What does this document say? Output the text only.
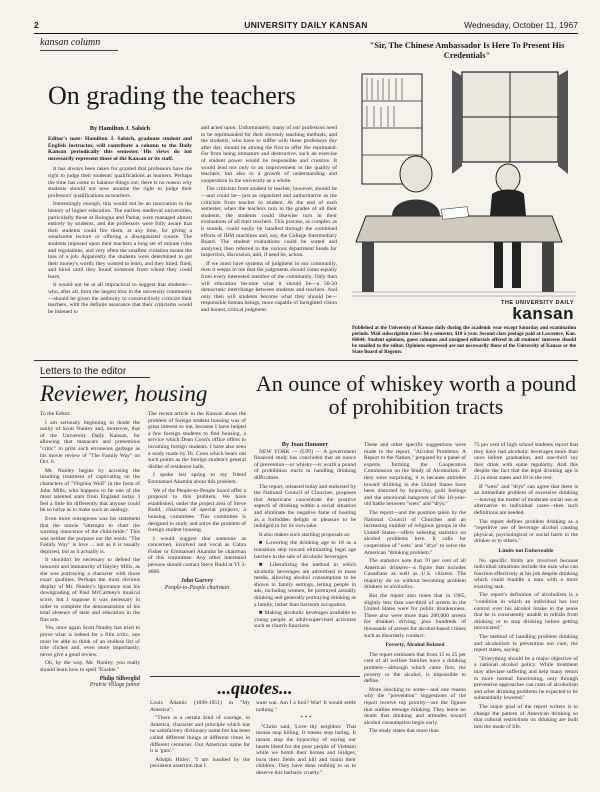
2	UNIVERSITY DAILY KANSAN	Wednesday, October 11, 1967
kansan column
On grading the teachers
By Hamilton J. Salsich
Editor's note: Hamilton J. Salsich, graduate student and English instructor, will contribute a column to the Daily Kansan periodically this semester. His views do not necessarily represent those of the Kansan or its staff.

It has always been taken for granted that professors have the right to judge their students' qualifications as learners. Perhaps the time has come to balance things out; there is no reason why students should not now assume the right to judge their professors' qualifications as teachers.

Interestingly enough, this would not be an innovation in the history of higher education. The earliest medieval universities, particularly those at Bologna and Padua, were managed almost entirely by students, and the professors were fully aware that their students could fire them, at any time, for giving a wearisome lecture or offering a disorganized course. The students imposed upon their teachers a long set of minute rules and regulations, and very often the smallest violation meant the loss of a job. Apparently the students were determined to get their money's worth; they wanted to learn, and they hired, fired, and hired until they found someone from whom they could learn.

It would not be at all impractical to suggest that students—who, after all, form the largest bloc in the university community—should be given the authority to constructively criticize their teachers, with the definite assurance that their criticisms would be listened to

and acted upon. Unfortunately, many of our professors need to be reprimanded for their slovenly teaching methods, and the students, who have to suffer with these professors day after day, should be among the first to offer the reprimand. Far from being immature and destructive, such an exercise of student power would be responsible and creative. It would lead not only to an improvement in the quality of teachers, but also to a growth of understanding and cooperation in the university as a whole.

The criticism from student to teacher, however, should be—and could be—just as organized and authoritative as the criticism from teacher to student. At the end of each semester, when the teachers turn in the grades of all their students, the students could likewise turn in their evaluations of all their teachers. This process, as complex as it sounds, could easily be handled through the combined efforts of IBM machines and, say, the College Intermediary Board. The student evaluations could be sorted and analyzed, then referred to the various department heads for inspection, discussion, and, if need be, action.

If we must have systems of judgment in our community, then it seems to me that the judgments should come equally from every interested member of the community. Only then will education become what it should be—a 50-50 democratic interchange between students and teachers. And only then will students become what they should be—responsible human beings, more capable of farsighted vision and honest, critical judgment.

"Sir, The Chinese Ambassador Is Here To Present His Credentials"
THE UNIVERSITY DAILY
kansan
Published at the University of Kansas daily during the academic year except Saturday and examination periods. Mail subscription rates: $4 a semester, $10 a year. Second class postage paid at Lawrence, Kan. 66044. Student opinions, guest columns and unsigned editorials offered in all students' interests should be emailed to the editor. Opinions expressed are not necessarily those of the University of Kansas or the State Board of Regents.
Letters to the editor
Reviewer, housing

To the Editor:

I am seriously beginning to doubt the sanity of Scott Nunley and, moreover, that of the University Daily Kansan, for allowing that manacars and pretentious "critic" to print such erroneous garbage as his movie review of "The Family Way" on Oct. 6.

Mr. Nunley begins by accusing the insulting treatment of captivating on the characters of "Virginia Wolf" in the form of John Mills, who happens to be one of the most talented stars from England today. I feel a little bit differently that anyone could be so naive as to make such an analogy.

Even more outrageous was his statement that the movie "attempts to chart the warning innocence of the child-bride." This was neither the purpose nor the result. "The Family Way" is love ... not as it is usually depicted, but as it actually is.

It shouldn't be necessary to defend the innocent and immaturity of Hayley Mills, as she was portraying a character with those exact qualities. Perhaps the most obvious display of Mr. Nunley's ignorance was his downgrading of Paul McCartney's musical score, but I suppose it was necessary in order to complete the demonstration of his total absence of taste and education in the fine arts.

Yes, once again Scott Nunley has tried to prove what is indeed for a film critic, one must be able to think of an endless list of trite cliches and, even more importantly, never give a good review.

Oh, by the way, Mr. Nunley, you really should learn how to spell "Enable."

Philip Silberglid
Prairie Village junior

The recent article in the Kansan about the problem of foreign student housing was of great interest to me, because I have helped a few foreign students to find housing, a service which Dean Coon's office offers to incoming foreign students. I have also seen a study made by Dr. Coon which bears out such points as the foreign student's general dislike of residence halls.

I spoke last spring to my friend Emmanuel Akamba about this problem.

We of the People-to-People board offer a proposal to this problem. We have established, under the project area of Steve Budd, chairman of special projects, a housing committee. This committee is designed to study and solve the problem of foreign student housing.

I would suggest that someone as concerned, involved and vocal as Cabra Fisher or Emmanuel Akamba be chairman of this committee. Any other interested persons should contact Steve Budd at VI 3-4866.

John Garvey
People-to-People chairman
An ounce of whiskey worth a pound of prohibition tracts
By Joan Hanauer

NEW YORK — (UPI) — A government financed study has concluded that an ounce of prevention—or whisky—is worth a pound of prohibition tracts in handling drinking difficulties.

The report, released today and endorsed by the National Council of Churches, proposes that Americans concentrate the positive aspects of drinking within a social situation and eliminate the negative fame of booting as a forbidden delight or pleasure to be indulged in for its own sake.

It also makes such startling proposals as:

■ Lowering the drinking age to 18 as a transition step toward eliminating legal age barriers in the sale of alcoholic beverages.

■ Liberalizing the method in which alcoholic beverages are advertised in mass media, allowing alcohol consumption to be shown in family settings, letting people in ads, including women, be portrayed actually drinking and generally portraying drinking as a family, rather than barroom occupation.

■ Making alcoholic beverages available to young people at adult-supervised activities such as church functions.

These and other specific suggestions were made in the report, "Alcohol Problems: A Report to the Nation," prepared by a panel of experts forming the Cooperative Commission on the Study of Alcoholism. If they were surprising, it is because attitudes toward drinking in the United States have been distorted by hypocrisy, guilt feelings and the emotional hangover of the 18-year-old battle between "wets" and "drys."

The report—and the position taken by the National Council of Churches and an increasing number of religious groups in the United States—offers sobering statistics on alcohol problems here. It calls for cooperation of "wets" and "drys" to solve the American "drinking problem."

The statistics note that 70 per cent of all American drinkers—a figure that includes Canadians as well as U.S. citizens. The majority do so without becoming problem drinkers or alcoholics.

But the report also notes that in 1965, slightly less than one-third of arrests in the United States were for public drunkenness. There also were more than 200,000 arrests for drunken driving, plus hundreds of thousands of arrests for alcohol-based crimes such as disorderly conduct.

Poverty, Alcohol Related

The report estimates that from 15 to 25 per cent of all welfare families have a drinking problem—although which came first, the poverty or the alcohol, is impossible to define.

More shocking to some—and one reason why the "prevention" suggestions of the report receive top priority—are the figures that outline teenage drinking. They leave no doubt that drinking and attitudes toward alcohol consumption begin early.

The study states that more than

75 per cent of high school students report that they have had alcoholic beverages more than once before graduation, and one-third say they drink with some regularity. And this despite the fact that the legal drinking age is 21 in most states and 18 in the rest.

If "wets" and "drys" can agree that there is an immediate problem of excessive drinking—leaving the matter of moderate social use as alternative to individual cases—then such definitions are needed.

The report defines problem drinking as a "repetitive use of beverage alcohol causing physical, psychological or social harm to the drinker or to others."

Limits not Enforceable

No specific limits are involved because individual situations include the man who can function effectively at his job despite drinking which could muddle a man with a more exacting task.

The report's definition of alcoholism is a "condition in which an individual has lost control over his alcohol intake in the sense that he is consistently unable to refrain from drinking or to stop drinking before getting intoxicated."

The method of handling problem drinking and alcoholism is prevention not cure, the report states, saying:

"Everything should be a major objective of a national alcohol policy. While treatment may alleviate suffering and help many return to more normal functioning, only through preventive approaches can rates of alcoholism and other drinking problems be expected to be substantially lowered."

The major goal of the report writers is to change the pattern of American drinking so that cultural restrictions on drinking are built into the mode of life.

...quotes...

Louis Adamic (1899-1951) in "My America":

"There is a certain kind of courage, in America, character and principle which has no satisfactory dictionary name but has been called different things at different times in different centuries. Our American name for it is 'guts'."

Adolph Hitler: "I am insulted by the persistent assertion that I

want war. Am I a fool? War! It would settle nothing."

* * *

"Christ said, 'Love thy neighbor.' That means stop killing. It means stop hating. It means stop the hypocrisy of saying our hearts bleed for the poor people of Vietnam while we bomb their homes and bridges, burn their fields and kill and maim their children. They have done nothing to us to deserve this barbaric cruelty."
